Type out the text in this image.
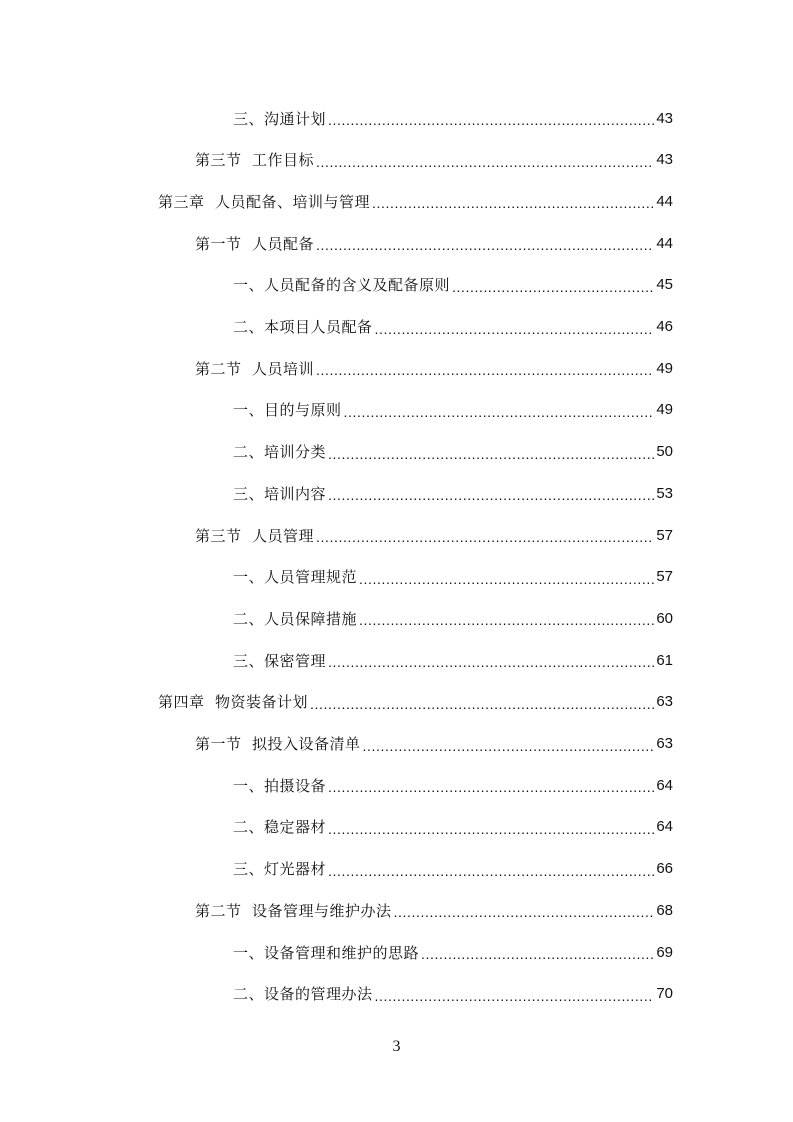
三、沟通计划 .....	43
第三节  工作目标 .....	43
第三章  人员配备、培训与管理 .....	44
第一节  人员配备 .....	44
一、人员配备的含义及配备原则 .....	45
二、本项目人员配备 .....	46
第二节  人员培训 .....	49
一、目的与原则 .....	49
二、培训分类 .....	50
三、培训内容 .....	53
第三节  人员管理 .....	57
一、人员管理规范 .....	57
二、人员保障措施 .....	60
三、保密管理 .....	61
第四章  物资装备计划 .....	63
第一节  拟投入设备清单 .....	63
一、拍摄设备 .....	64
二、稳定器材 .....	64
三、灯光器材 .....	66
第二节  设备管理与维护办法 .....	68
一、设备管理和维护的思路 .....	69
二、设备的管理办法 .....	70
3
